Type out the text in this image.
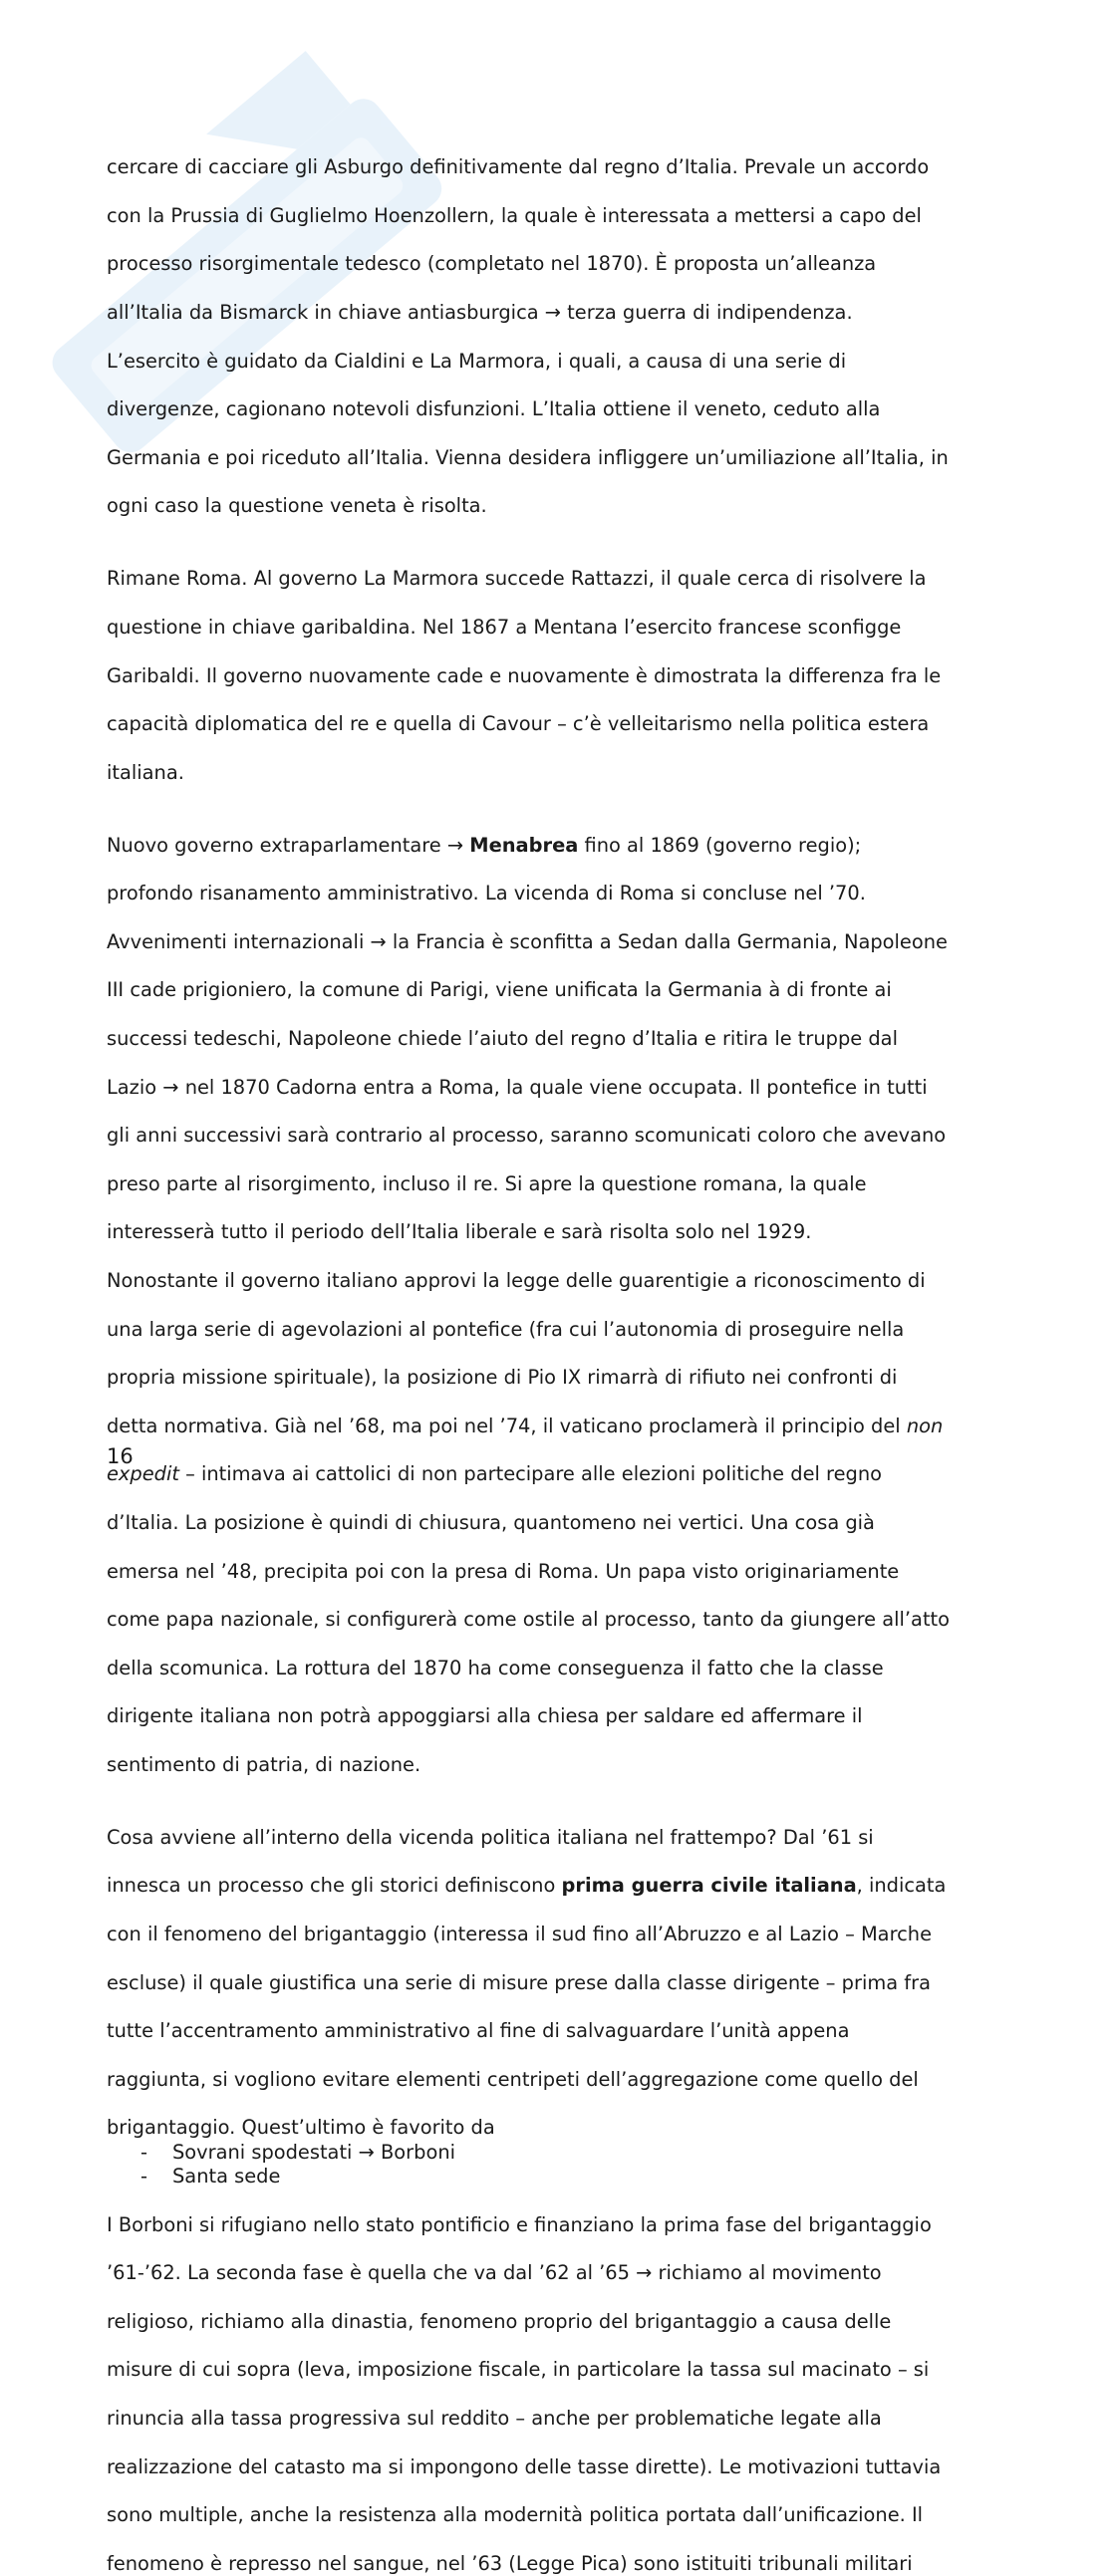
cercare di cacciare gli Asburgo definitivamente dal regno d’Italia. Prevale un accordo

con la Prussia di Guglielmo Hoenzollern, la quale è interessata a mettersi a capo del

processo risorgimentale tedesco (completato nel 1870). È proposta un’alleanza

all’Italia da Bismarck in chiave antiasburgica → terza guerra di indipendenza.

L’esercito è guidato da Cialdini e La Marmora, i quali, a causa di una serie di

divergenze, cagionano notevoli disfunzioni. L’Italia ottiene il veneto, ceduto alla

Germania e poi riceduto all’Italia. Vienna desidera infliggere un’umiliazione all’Italia, in

ogni caso la questione veneta è risolta.

Rimane Roma. Al governo La Marmora succede Rattazzi, il quale cerca di risolvere la

questione in chiave garibaldina. Nel 1867 a Mentana l’esercito francese sconfigge

Garibaldi. Il governo nuovamente cade e nuovamente è dimostrata la differenza fra le

capacità diplomatica del re e quella di Cavour – c’è velleitarismo nella politica estera

italiana.

Nuovo governo extraparlamentare → Menabrea fino al 1869 (governo regio);

profondo risanamento amministrativo. La vicenda di Roma si concluse nel ’70.

Avvenimenti internazionali → la Francia è sconfitta a Sedan dalla Germania, Napoleone

III cade prigioniero, la comune di Parigi, viene unificata la Germania à di fronte ai

successi tedeschi, Napoleone chiede l’aiuto del regno d’Italia e ritira le truppe dal

Lazio → nel 1870 Cadorna entra a Roma, la quale viene occupata. Il pontefice in tutti

gli anni successivi sarà contrario al processo, saranno scomunicati coloro che avevano

preso parte al risorgimento, incluso il re. Si apre la questione romana, la quale

interesserà tutto il periodo dell’Italia liberale e sarà risolta solo nel 1929.

Nonostante il governo italiano approvi la legge delle guarentigie a riconoscimento di

una larga serie di agevolazioni al pontefice (fra cui l’autonomia di proseguire nella

propria missione spirituale), la posizione di Pio IX rimarrà di rifiuto nei confronti di

detta normativa. Già nel ’68, ma poi nel ’74, il vaticano proclamerà il principio del non

expedit – intimava ai cattolici di non partecipare alle elezioni politiche del regno

d’Italia. La posizione è quindi di chiusura, quantomeno nei vertici. Una cosa già

emersa nel ’48, precipita poi con la presa di Roma. Un papa visto originariamente

come papa nazionale, si configurerà come ostile al processo, tanto da giungere all’atto

della scomunica. La rottura del 1870 ha come conseguenza il fatto che la classe

dirigente italiana non potrà appoggiarsi alla chiesa per saldare ed affermare il

sentimento di patria, di nazione.

Cosa avviene all’interno della vicenda politica italiana nel frattempo? Dal ’61 si

innesca un processo che gli storici definiscono prima guerra civile italiana, indicata

con il fenomeno del brigantaggio (interessa il sud fino all’Abruzzo e al Lazio – Marche

escluse) il quale giustifica una serie di misure prese dalla classe dirigente – prima fra

tutte l’accentramento amministrativo al fine di salvaguardare l’unità appena

raggiunta, si vogliono evitare elementi centripeti dell’aggregazione come quello del

brigantaggio. Quest’ultimo è favorito da

- Sovrani spodestati → Borboni
- Santa sede

I Borboni si rifugiano nello stato pontificio e finanziano la prima fase del brigantaggio

’61-’62. La seconda fase è quella che va dal ’62 al ’65 → richiamo al movimento

religioso, richiamo alla dinastia, fenomeno proprio del brigantaggio a causa delle

misure di cui sopra (leva, imposizione fiscale, in particolare la tassa sul macinato – si

rinuncia alla tassa progressiva sul reddito – anche per problematiche legate alla

realizzazione del catasto ma si impongono delle tasse dirette). Le motivazioni tuttavia

sono multiple, anche la resistenza alla modernità politica portata dall’unificazione. Il

fenomeno è represso nel sangue, nel ’63 (Legge Pica) sono istituiti tribunali militari

16
